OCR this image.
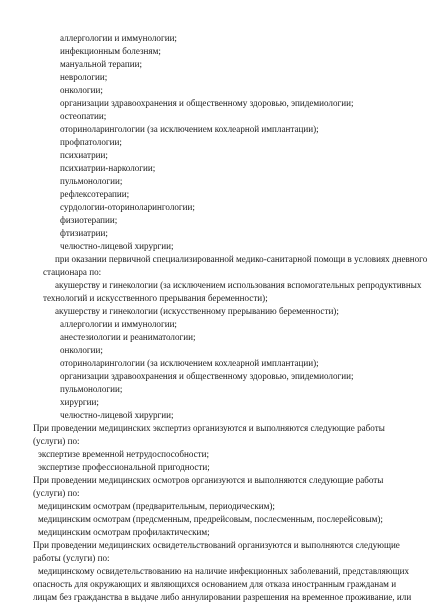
аллергологии и иммунологии;
инфекционным болезням;
мануальной терапии;
неврологии;
онкологии;
организации здравоохранения и общественному здоровью, эпидемиологии;
остеопатии;
оториноларингологии (за исключением кохлеарной имплантации);
профпатологии;
психиатрии;
психиатрии-наркологии;
пульмонологии;
рефлексотерапии;
сурдологии-оториноларингологии;
физиотерапии;
фтизиатрии;
челюстно-лицевой хирургии;
при оказании первичной специализированной медико-санитарной помощи в условиях дневного
стационара по:
акушерству и гинекологии (за исключением использования вспомогательных репродуктивных
технологий и искусственного прерывания беременности);
акушерству и гинекологии (искусственному прерыванию беременности);
аллергологии и иммунологии;
анестезиологии и реаниматологии;
онкологии;
оториноларингологии (за исключением кохлеарной имплантации);
организации здравоохранения и общественному здоровью, эпидемиологии;
пульмонологии;
хирургии;
челюстно-лицевой хирургии;
При проведении медицинских экспертиз организуются и выполняются следующие работы
(услуги) по:
экспертизе временной нетрудоспособности;
экспертизе профессиональной пригодности;
При проведении медицинских осмотров организуются и выполняются следующие работы
(услуги) по:
медицинским осмотрам (предварительным, периодическим);
медицинским осмотрам (предсменным, предрейсовым, послесменным, послерейсовым);
медицинским осмотрам профилактическим;
При проведении медицинских освидетельствований организуются и выполняются следующие
работы (услуги) по:
медицинскому освидетельствованию на наличие инфекционных заболеваний, представляющих
опасность для окружающих и являющихся основанием для отказа иностранным гражданам и
лицам без гражданства в выдаче либо аннулировании разрешения на временное проживание, или
